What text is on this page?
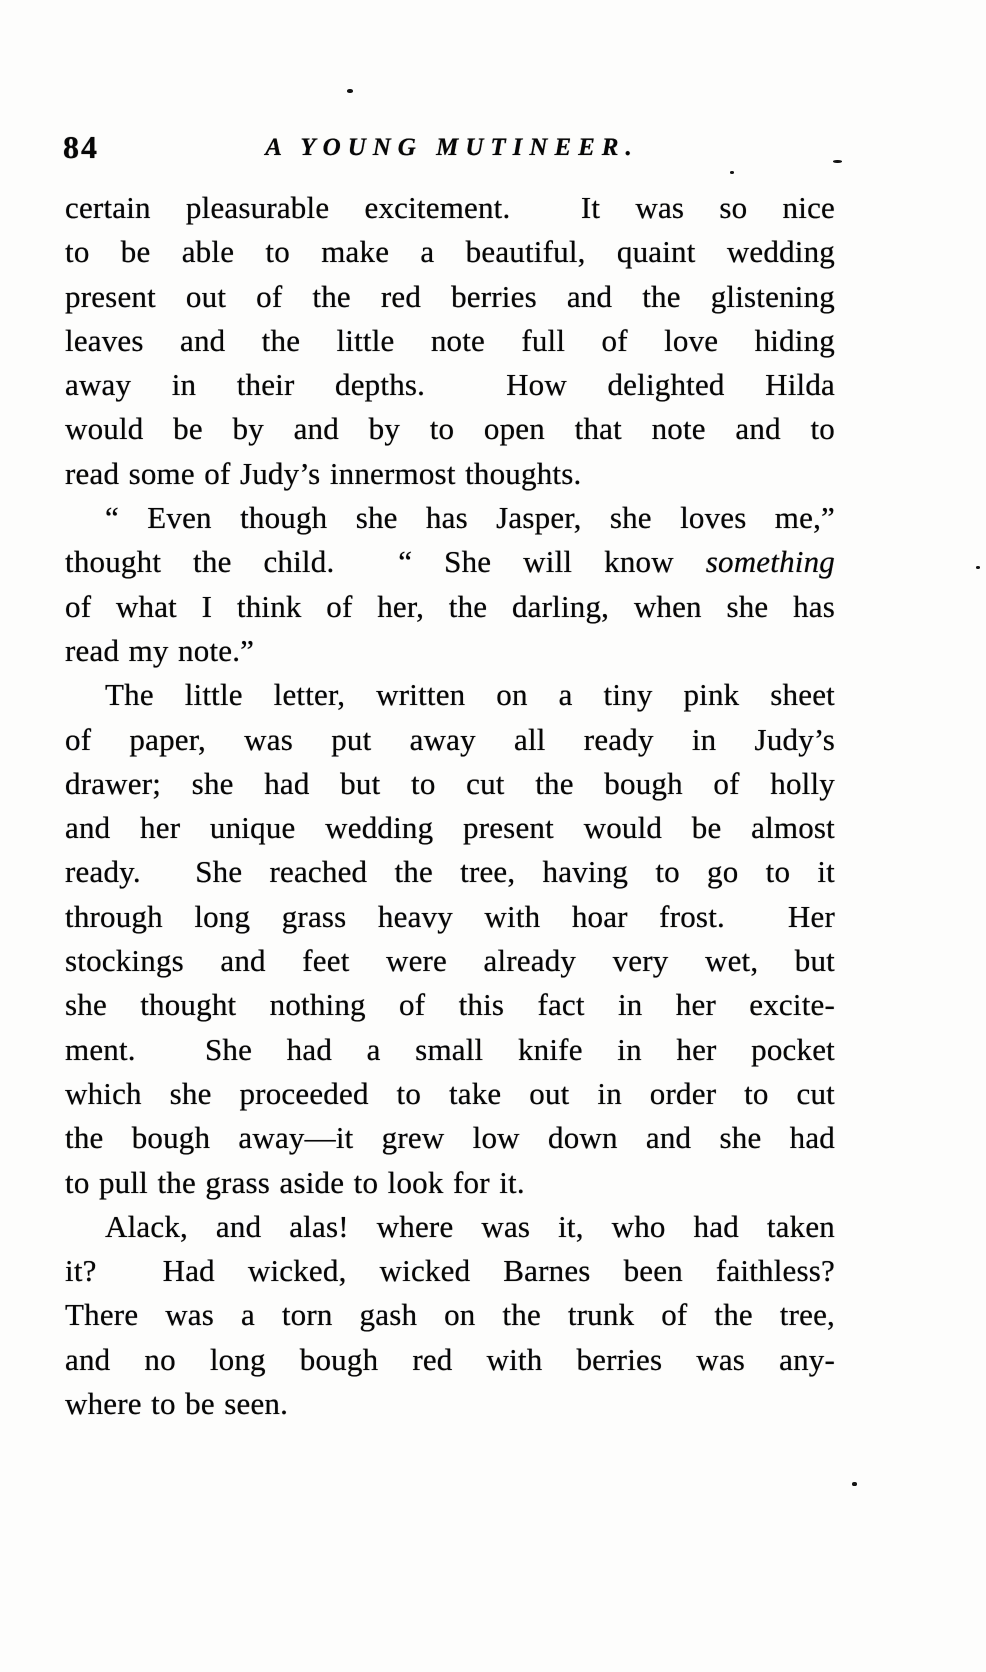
84	A YOUNG MUTINEER.
certain pleasurable excitement.  It was so nice
to be able to make a beautiful, quaint wedding
present out of the red berries and the glistening
leaves and the little note full of love hiding
away in their depths.  How delighted Hilda
would be by and by to open that note and to
read some of Judy’s innermost thoughts.
“ Even though she has Jasper, she loves me,”
thought the child.  “ She will know something
of what I think of her, the darling, when she has
read my note.”
The little letter, written on a tiny pink sheet
of paper, was put away all ready in Judy’s
drawer; she had but to cut the bough of holly
and her unique wedding present would be almost
ready.  She reached the tree, having to go to it
through long grass heavy with hoar frost.  Her
stockings and feet were already very wet, but
she thought nothing of this fact in her excite-
ment.  She had a small knife in her pocket
which she proceeded to take out in order to cut
the bough away—it grew low down and she had
to pull the grass aside to look for it.
Alack, and alas! where was it, who had taken
it?  Had wicked, wicked Barnes been faithless?
There was a torn gash on the trunk of the tree,
and no long bough red with berries was any-
where to be seen.
